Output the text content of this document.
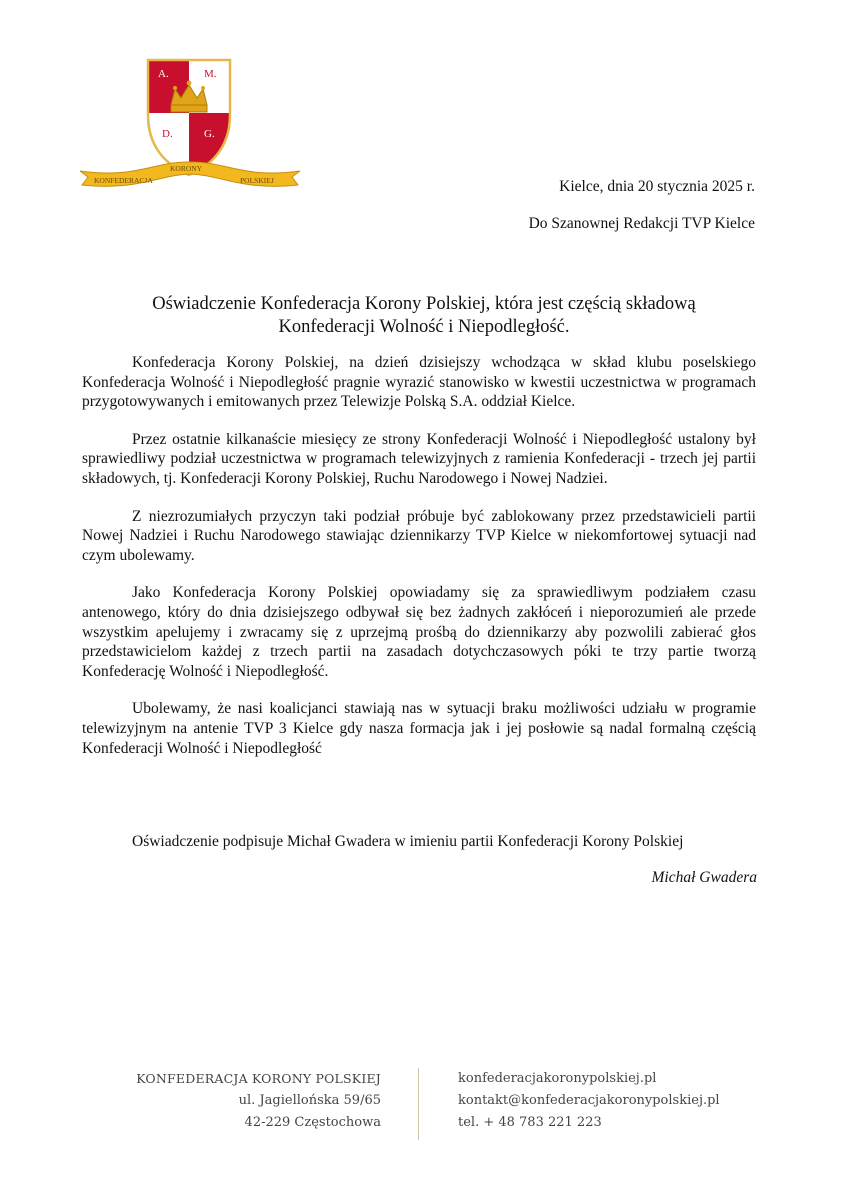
A.	M.
D.	G.
KONFEDERACJA
KORONY
POLSKIEJ	Kielce, dnia 20 stycznia 2025 r.
Do Szanownej Redakcji TVP Kielce
Oświadczenie Konfederacja Korony Polskiej, która jest częścią składową
Konfederacji Wolność i Niepodległość.

Konfederacja Korony Polskiej, na dzień dzisiejszy wchodząca w skład klubu poselskiego Konfederacja Wolność i Niepodległość pragnie wyrazić stanowisko w kwestii uczestnictwa w programach przygotowywanych i emitowanych przez Telewizje Polską S.A. oddział Kielce.

Przez ostatnie kilkanaście miesięcy ze strony Konfederacji Wolność i Niepodległość ustalony był sprawiedliwy podział uczestnictwa w programach telewizyjnych z ramienia Konfederacji - trzech jej partii składowych, tj. Konfederacji Korony Polskiej, Ruchu Narodowego i Nowej Nadziei.

Z niezrozumiałych przyczyn taki podział próbuje być zablokowany przez przedstawicieli partii Nowej Nadziei i Ruchu Narodowego stawiając dziennikarzy TVP Kielce w niekomfortowej sytuacji nad czym ubolewamy.

Jako Konfederacja Korony Polskiej opowiadamy się za sprawiedliwym podziałem czasu antenowego, który do dnia dzisiejszego odbywał się bez żadnych zakłóceń i nieporozumień ale przede wszystkim apelujemy i zwracamy się z uprzejmą prośbą do dziennikarzy aby pozwolili zabierać głos przedstawicielom każdej z trzech partii na zasadach dotychczasowych póki te trzy partie tworzą Konfederację Wolność i Niepodległość.

Ubolewamy, że nasi koalicjanci stawiają nas w sytuacji braku możliwości udziału w programie telewizyjnym na antenie TVP 3 Kielce gdy nasza formacja jak i jej posłowie są nadal formalną częścią Konfederacji Wolność i Niepodległość

Oświadczenie podpisuje Michał Gwadera w imieniu partii Konfederacji Korony Polskiej
Michał Gwadera
KONFEDERACJA KORONY POLSKIEJ
ul. Jagiellońska 59/65
42-229 Częstochowa
konfederacjakoronypolskiej.pl
kontakt@konfederacjakoronypolskiej.pl
tel. + 48 783 221 223
